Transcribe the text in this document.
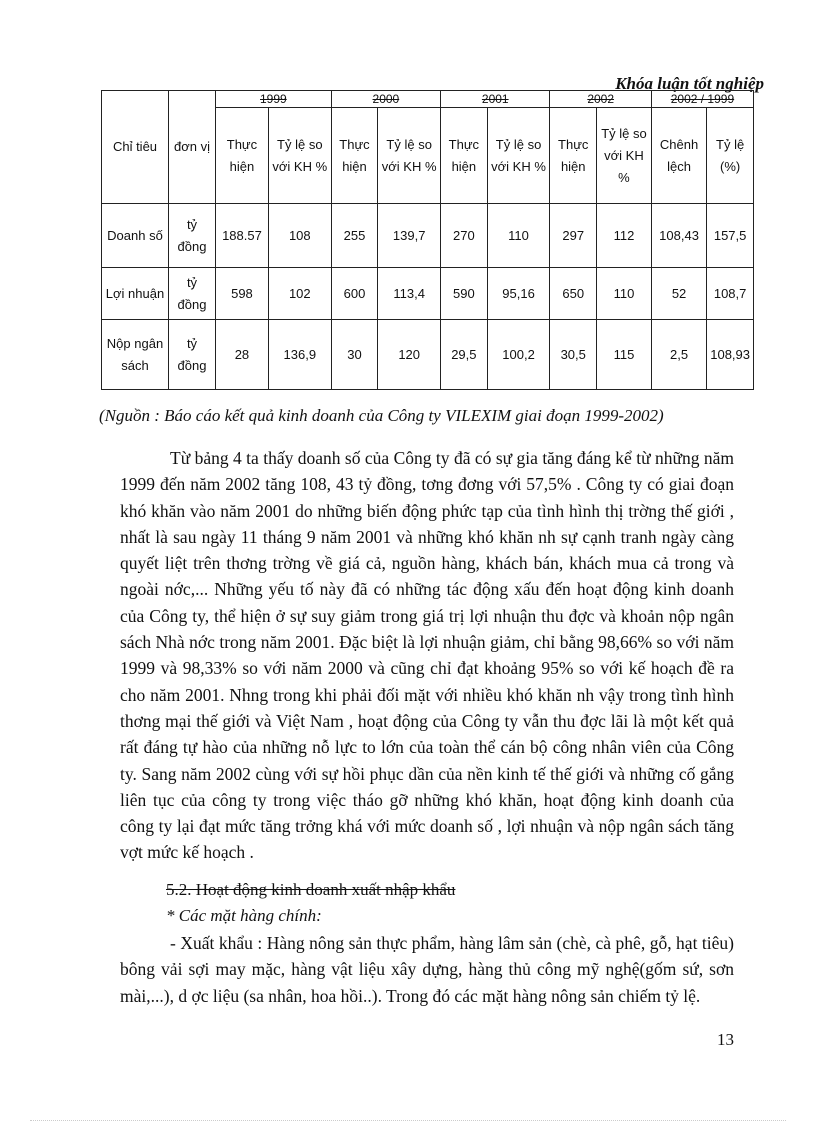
Khóa luận tốt nghiệp
Chỉ tiêu	đơn vị	1999		2000		2001		2002		2002 / 1999	
		Thực hiện	Tỷ lệ so với KH %	Thực hiện	Tỷ lệ so với KH %	Thực hiện	Tỷ lệ so với KH %	Thực hiện	Tỷ lệ so với KH %	Chênh lệch	Tỷ lệ (%)
Doanh số	tỷ đồng	188.57	108	255	139,7	270	110	297	112	108,43	157,5
Lợi nhuận	tỷ đồng	598	102	600	113,4	590	95,16	650	110	52	108,7
Nộp ngân sách	tỷ đồng	28	136,9	30	120	29,5	100,2	30,5	115	2,5	108,93
(Nguồn : Báo cáo kết quả kinh doanh của Công ty VILEXIM giai đoạn 1999-2002)

Từ bảng 4 ta thấy doanh số của Công ty đã có sự gia tăng đáng kể từ những năm 1999 đến năm 2002 tăng 108, 43 tỷ đồng, tơng đơng với 57,5% . Công ty có giai đoạn khó khăn vào năm 2001 do những biến động phức tạp của tình hình thị trờng thế giới , nhất là sau ngày 11 tháng 9 năm 2001 và những khó khăn nh sự cạnh tranh ngày càng quyết liệt trên thơng trờng về giá cả, nguồn hàng, khách bán, khách mua cả trong và ngoài nớc,... Những yếu tố này đã có những tác động xấu đến hoạt động kinh doanh của Công ty, thể hiện ở sự suy giảm trong giá trị lợi nhuận thu đợc và khoản nộp ngân sách Nhà nớc trong năm 2001. Đặc biệt là lợi nhuận giảm, chỉ bằng 98,66% so với năm 1999 và 98,33% so với năm 2000 và cũng chỉ đạt khoảng 95% so với kế hoạch đề ra cho năm 2001. Nhng trong khi phải đối mặt với nhiều khó khăn nh vậy trong tình hình thơng mại thế giới và Việt Nam , hoạt động của Công ty vẫn thu đợc lãi là một kết quả rất đáng tự hào của những nỗ lực to lớn của toàn thể cán bộ công nhân viên của Công ty. Sang năm 2002 cùng với sự hồi phục dần của nền kinh tế thế giới và những cố gắng liên tục của công ty trong việc tháo gỡ những khó khăn, hoạt động kinh doanh của công ty lại đạt mức tăng trởng khá với mức doanh số , lợi nhuận và nộp ngân sách tăng vợt mức kế hoạch .

5.2. Hoạt động kinh doanh xuất nhập khẩu
* Các mặt hàng chính:

- Xuất khẩu : Hàng nông sản thực phẩm, hàng lâm sản (chè, cà phê, gỗ, hạt tiêu) bông vải sợi may mặc, hàng vật liệu xây dựng, hàng thủ công mỹ nghệ(gốm sứ, sơn mài,...), d ợc liệu (sa nhân, hoa hồi..). Trong đó các mặt hàng nông sản chiếm tỷ lệ.

13
